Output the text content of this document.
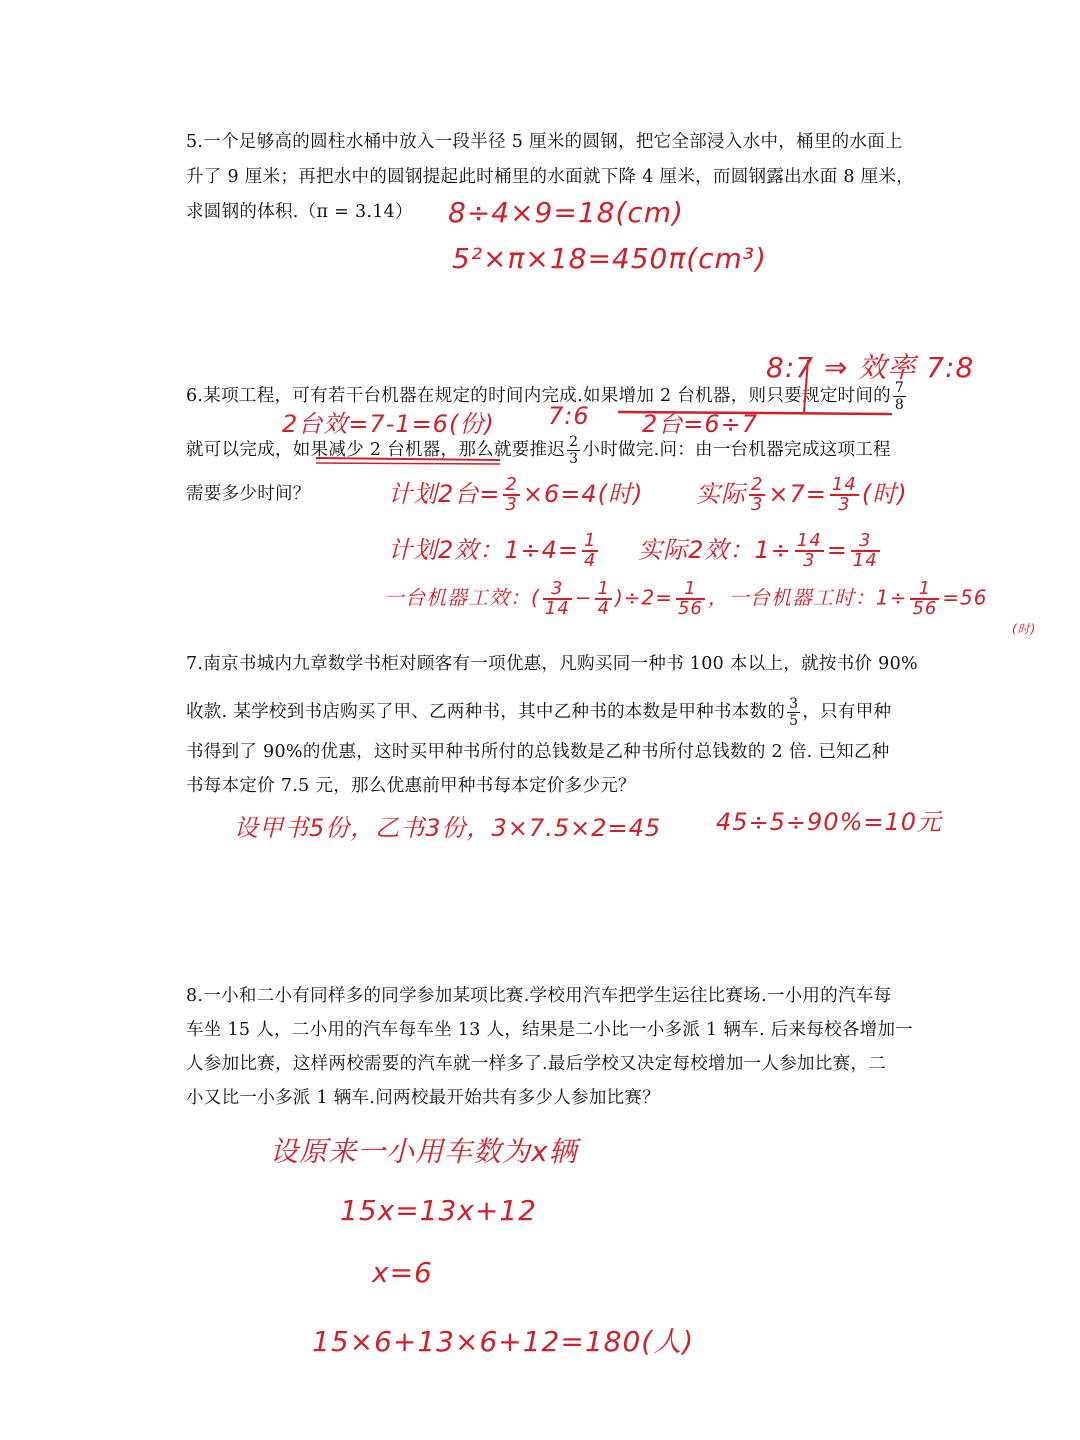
5.一个足够高的圆柱水桶中放入一段半径 5 厘米的圆钢，把它全部浸入水中，桶里的水面上
升了 9 厘米；再把水中的圆钢提起此时桶里的水面就下降 4 厘米，而圆钢露出水面 8 厘米，
求圆钢的体积.（π = 3.14）	8÷4×9=18(cm)
5²×π×18=450π(cm³)
8:7 ⇒ 效率 7:8
6.某项工程，可有若干台机器在规定的时间内完成.如果增加 2 台机器，则只要规定时间的 $\frac{7}{8}$
2台效=7-1=6(份) 7:6 2台=6÷7
就可以完成，如果减少 2 台机器，那么就要推迟 $\frac{2}{3}$ 小时做完.问：由一台机器完成这项工程
需要多少时间？	计划2台= $\frac{2}{3} \times 6=4$(时) 实际 $\frac{2}{3} \times 7= \frac{14}{3}$ (时)
计划2效：$1\div 4= \frac{1}{4}$ 实际2效：$1\div \frac{14}{3} = \frac{3}{14}$
一台机器工效：( $\frac{3}{14} - \frac{1}{4} )\div 2= \frac{1}{56}$ ，一台机器工时：$1\div \frac{1}{56} =56$
(时)
7.南京书城内九章数学书柜对顾客有一项优惠，凡购买同一种书 100 本以上，就按书价 90%
收款. 某学校到书店购买了甲、乙两种书，其中乙种书的本数是甲种书本数的 $\frac{3}{5}$ ，只有甲种
书得到了 90%的优惠，这时买甲种书所付的总钱数是乙种书所付总钱数的 2 倍. 已知乙种
书每本定价 7.5 元，那么优惠前甲种书每本定价多少元？
设甲书5份，乙书3份，3×7.5×2=45 45÷5÷90%=10元
8.一小和二小有同样多的同学参加某项比赛.学校用汽车把学生运往比赛场.一小用的汽车每
车坐 15 人，二小用的汽车每车坐 13 人，结果是二小比一小多派 1 辆车. 后来每校各增加一
人参加比赛，这样两校需要的汽车就一样多了.最后学校又决定每校增加一人参加比赛，二
小又比一小多派 1 辆车.问两校最开始共有多少人参加比赛？
设原来一小用车数为x辆
15x=13x+12
x=6
15×6+13×6+12=180(人)
